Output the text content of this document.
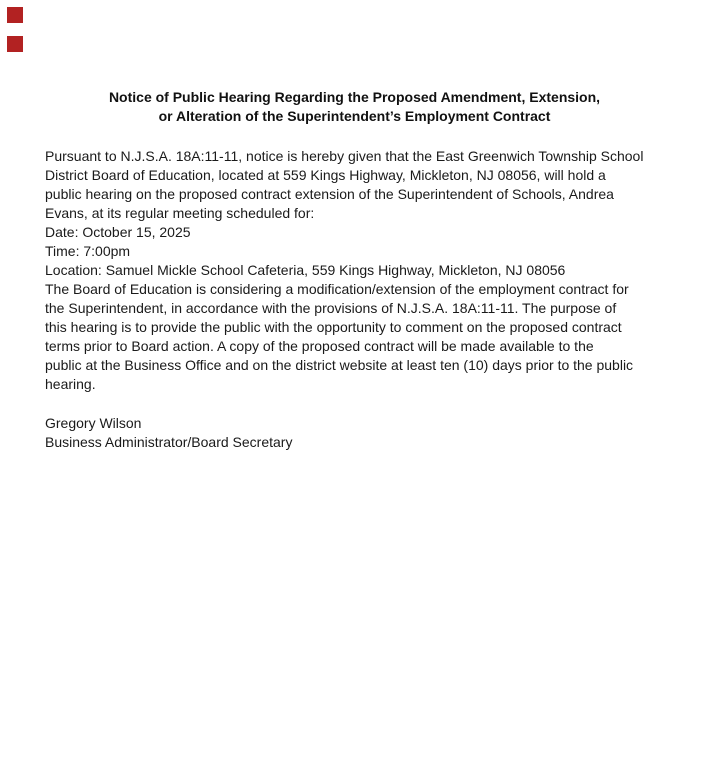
Notice of Public Hearing Regarding the Proposed Amendment, Extension,
or Alteration of the Superintendent’s Employment Contract
Pursuant to N.J.S.A. 18A:11-11, notice is hereby given that the East Greenwich Township School
District Board of Education, located at 559 Kings Highway, Mickleton, NJ 08056, will hold a
public hearing on the proposed contract extension of the Superintendent of Schools, Andrea
Evans, at its regular meeting scheduled for:
Date: October 15, 2025
Time: 7:00pm
Location: Samuel Mickle School Cafeteria, 559 Kings Highway, Mickleton, NJ 08056
The Board of Education is considering a modification/extension of the employment contract for
the Superintendent, in accordance with the provisions of N.J.S.A. 18A:11-11. The purpose of
this hearing is to provide the public with the opportunity to comment on the proposed contract
terms prior to Board action. A copy of the proposed contract will be made available to the
public at the Business Office and on the district website at least ten (10) days prior to the public
hearing.
Gregory Wilson
Business Administrator/Board Secretary
